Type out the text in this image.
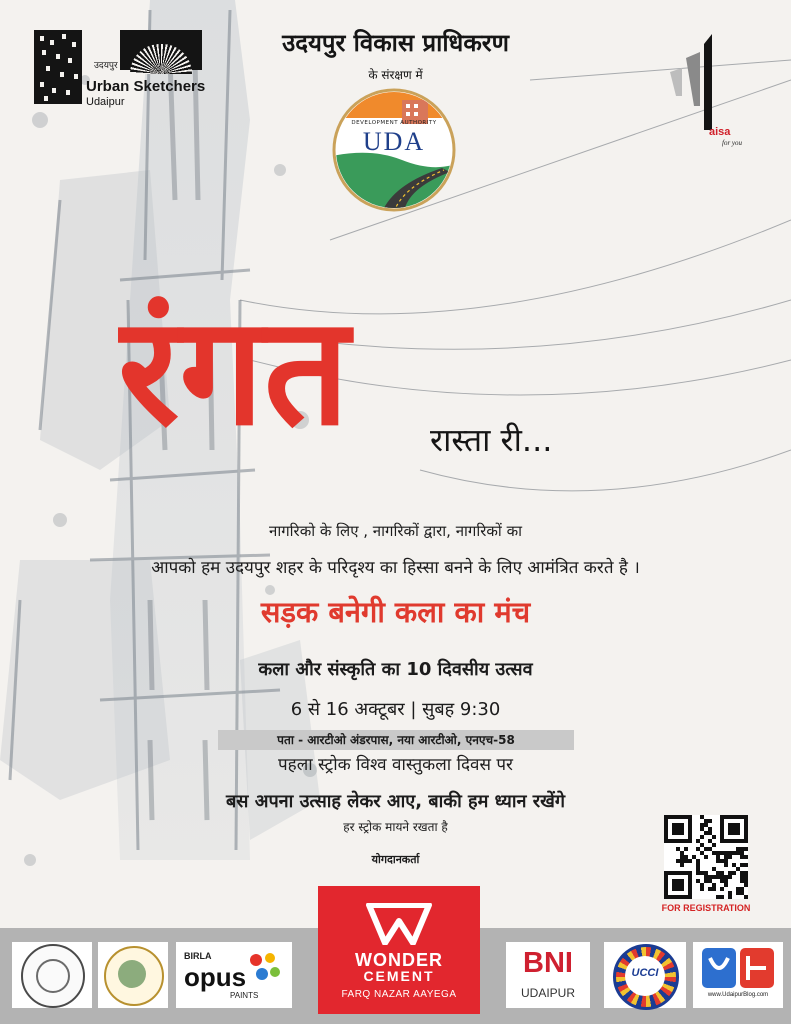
उदयपुर
Urban Sketchers
Udaipur
उदयपुर विकास प्राधिकरण
के संरक्षण में
DEVELOPMENT AUTHORITY
UDA	aisa
for you
रंगत	रास्ता री...
नागरिको के लिए , नागरिकों द्वारा, नागरिकों का
आपको हम उदयपुर शहर के परिदृश्य का हिस्सा बनने के लिए आमंत्रित करते है ।
सड़क बनेगी कला का मंच
कला और संस्कृति का 10 दिवसीय उत्सव
6 से 16 अक्टूबर | सुबह 9:30
पता - आरटीओ अंडरपास, नया आरटीओ, एनएच-58
पहला स्ट्रोक विश्व वास्तुकला दिवस पर
बस अपना उत्साह लेकर आए, बाकी हम ध्यान रखेंगे
हर स्ट्रोक मायने रखता है
योगदानकर्ता
FOR REGISTRATION
BIRLA
opus
PAINTS
WONDER
CEMENT
FARQ NAZAR AAYEGA
BNI
UDAIPUR
UCCI
www.UdaipurBlog.com
